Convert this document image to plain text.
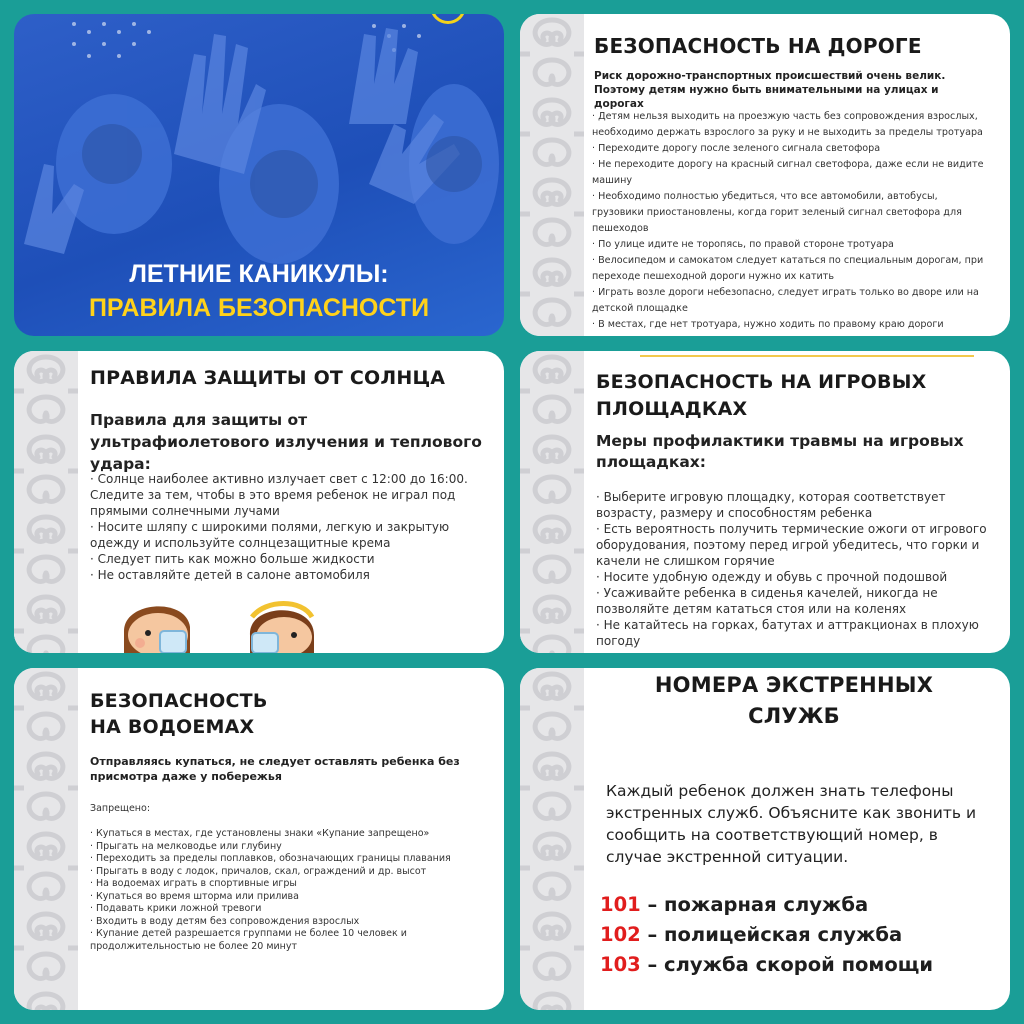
ЛЕТНИЕ КАНИКУЛЫ:
ПРАВИЛА БЕЗОПАСНОСТИ
БЕЗОПАСНОСТЬ НА ДОРОГЕ
Риск дорожно-транспортных происшествий очень велик. Поэтому детям нужно быть внимательными на улицах и дорогах
· Детям нельзя выходить на проезжую часть без сопровождения взрослых, необходимо держать взрослого за руку и не выходить за пределы тротуара
· Переходите дорогу после зеленого сигнала светофора
· Не переходите дорогу на красный сигнал светофора, даже если не видите машину
· Необходимо полностью убедиться, что все автомобили, автобусы, грузовики приостановлены, когда горит зеленый сигнал светофора для пешеходов
· По улице идите не торопясь, по правой стороне тротуара
· Велосипедом и самокатом следует кататься по специальным дорогам, при переходе пешеходной дороги нужно их катить
· Играть возле дороги небезопасно, следует играть только во дворе или на детской площадке
· В местах, где нет тротуара, нужно ходить по правому краю дороги
ПРАВИЛА ЗАЩИТЫ ОТ СОЛНЦА
Правила для защиты от ультрафиолетового излучения и теплового удара:
· Солнце наиболее активно излучает свет с 12:00 до 16:00. Следите за тем, чтобы в это время ребенок не играл под прямыми солнечными лучами
· Носите шляпу с широкими полями, легкую и закрытую одежду и используйте солнцезащитные крема
· Следует пить как можно больше жидкости
· Не оставляйте детей в салоне автомобиля
БЕЗОПАСНОСТЬ НА ИГРОВЫХ ПЛОЩАДКАХ
Меры профилактики травмы на игровых площадках:
· Выберите игровую площадку, которая соответствует возрасту, размеру и способностям ребенка
· Есть вероятность получить термические ожоги от игрового оборудования, поэтому перед игрой убедитесь, что горки и качели не слишком горячие
· Носите удобную одежду и обувь с прочной подошвой
· Усаживайте ребенка в сиденья качелей, никогда не позволяйте детям кататься стоя или на коленях
· Не катайтесь на горках, батутах и аттракционах в плохую погоду
БЕЗОПАСНОСТЬ
НА ВОДОЕМАХ
Отправляясь купаться, не следует оставлять ребенка без присмотра даже у побережья
Запрещено:
· Купаться в местах, где установлены знаки «Купание запрещено»
· Прыгать на мелководье или глубину
· Переходить за пределы поплавков, обозначающих границы плавания
· Прыгать в воду с лодок, причалов, скал, ограждений и др. высот
· На водоемах играть в спортивные игры
· Купаться во время шторма или прилива
· Подавать крики ложной тревоги
· Входить в воду детям без сопровождения взрослых
· Купание детей разрешается группами не более 10 человек и продолжительностью не более 20 минут
НОМЕРА ЭКСТРЕННЫХ
СЛУЖБ
Каждый ребенок должен знать телефоны экстренных служб. Объясните как звонить и сообщить на соответствующий номер, в случае экстренной ситуации.
101 – пожарная служба
102 – полицейская служба
103 – служба скорой помощи
